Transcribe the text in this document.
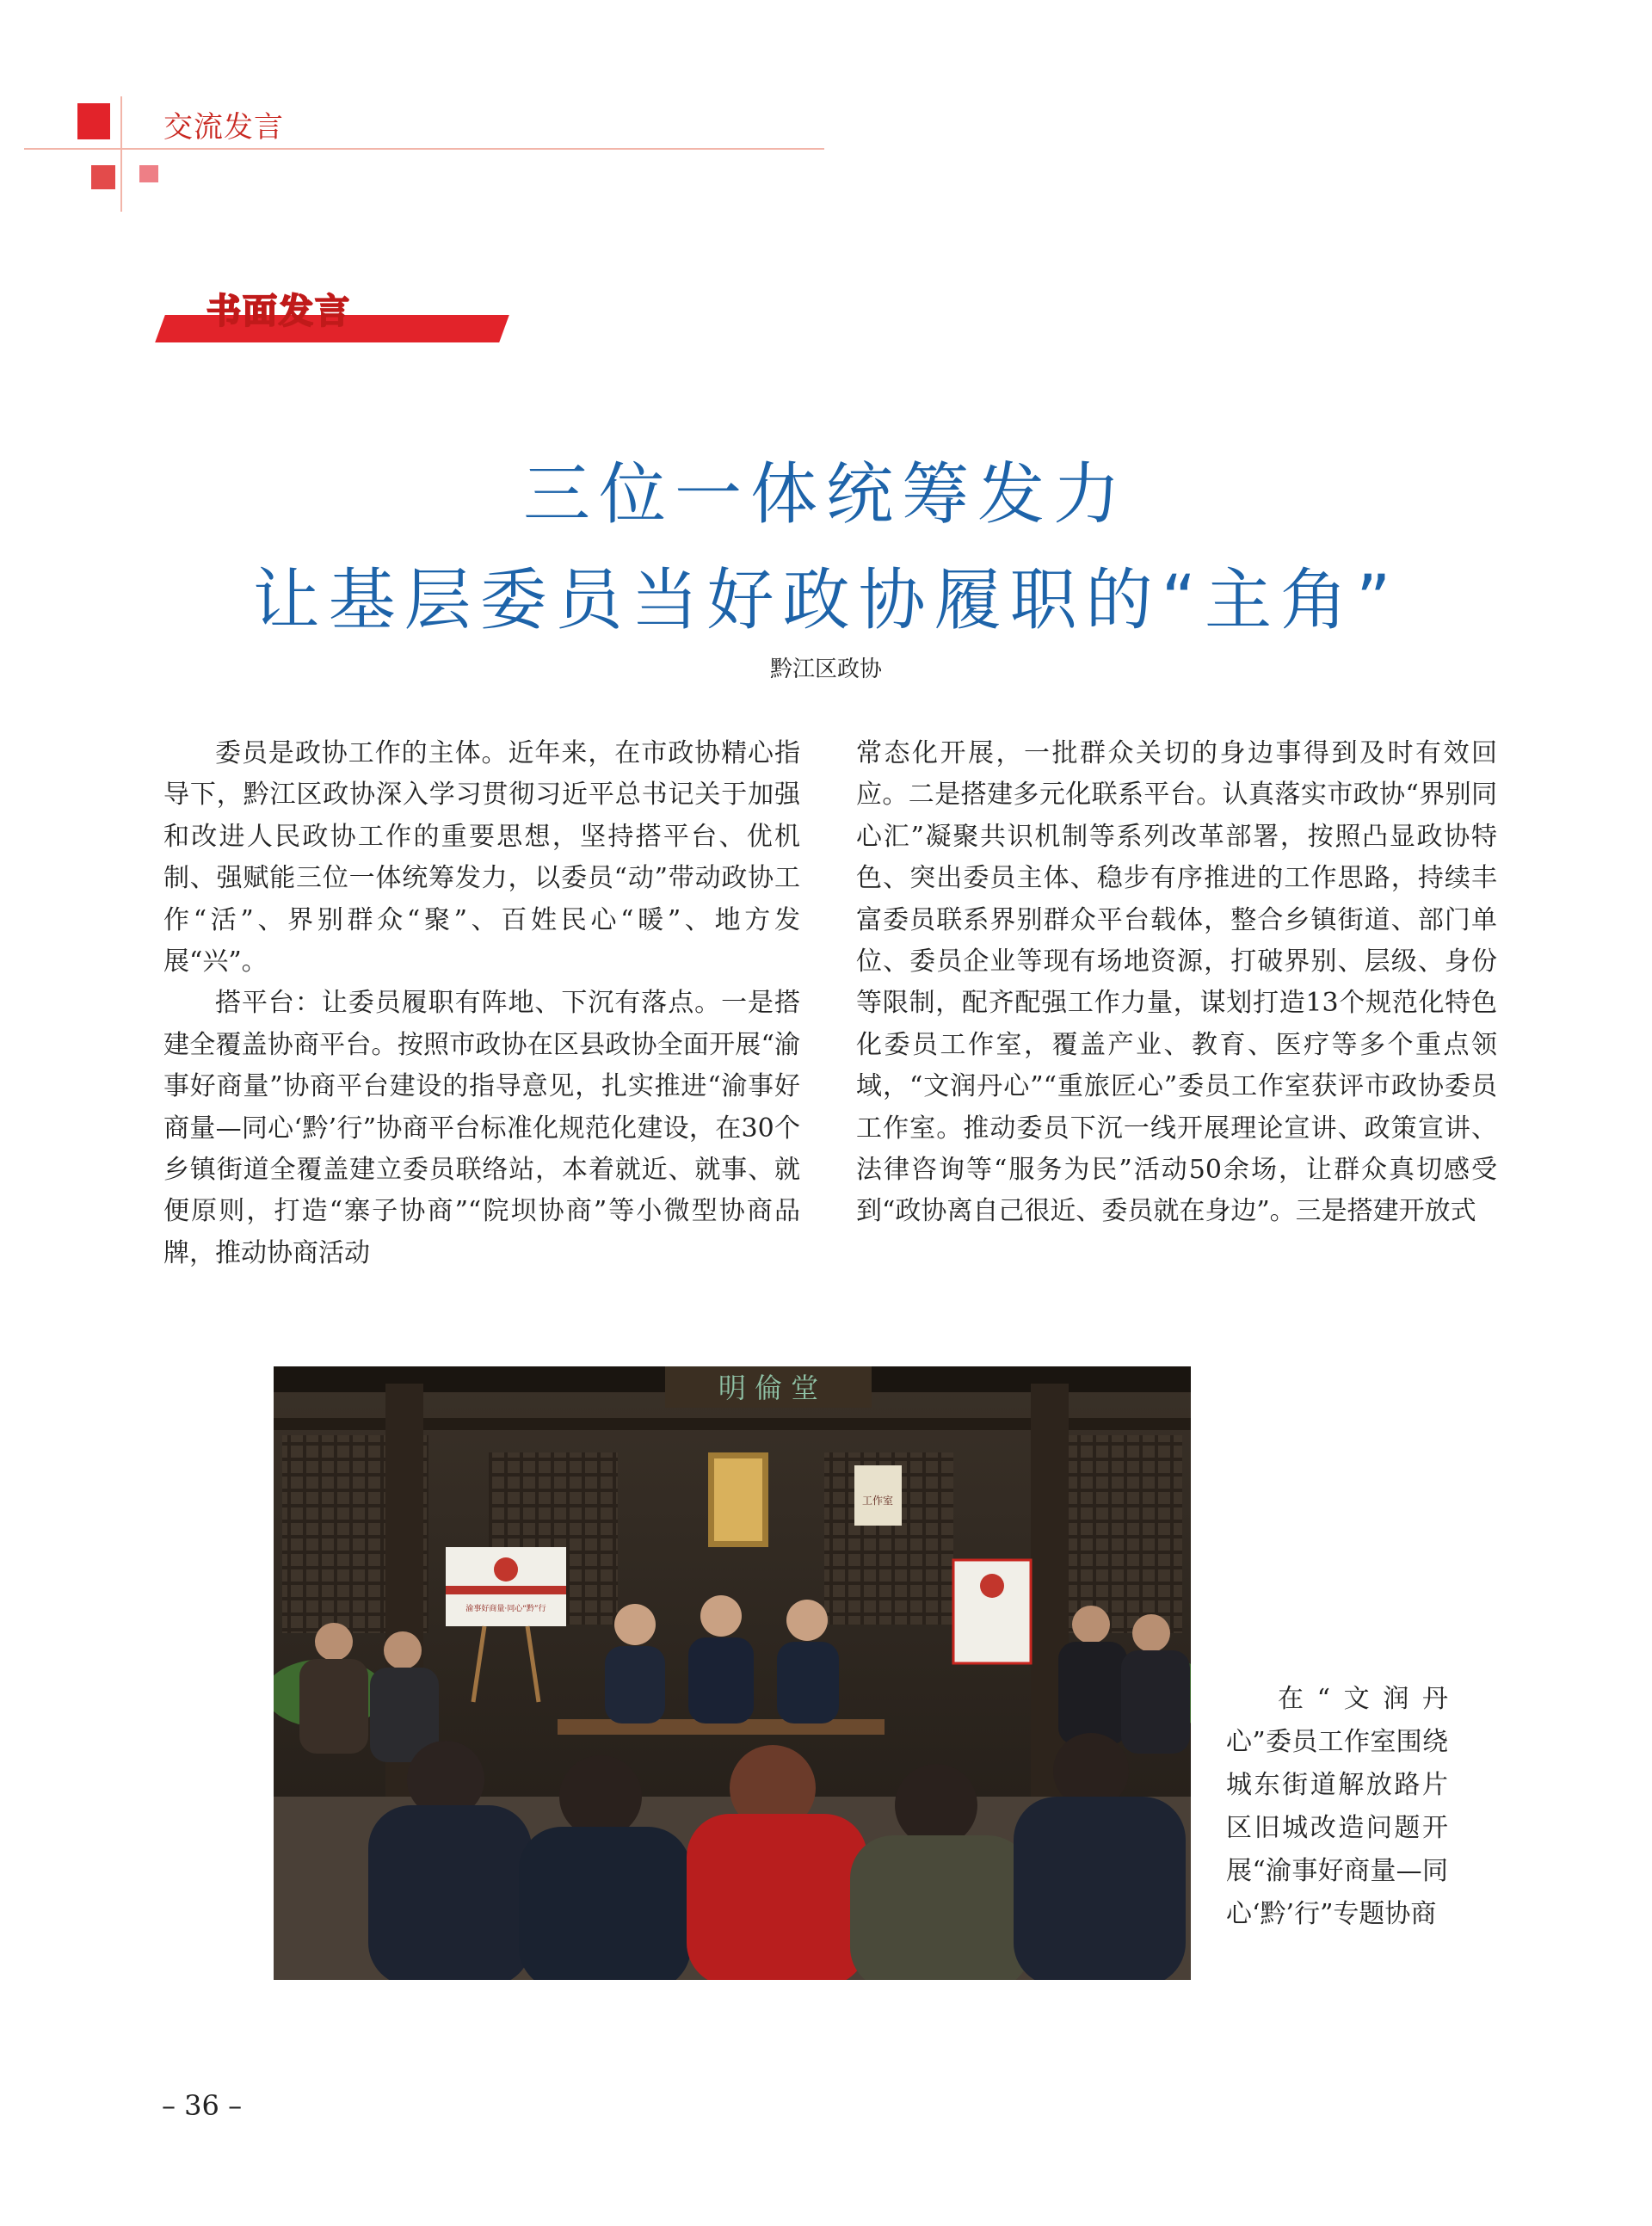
交流发言
书面发言
三位一体统筹发力
让基层委员当好政协履职的“主角”
黔江区政协

委员是政协工作的主体。近年来，在市政协精心指导下，黔江区政协深入学习贯彻习近平总书记关于加强和改进人民政协工作的重要思想，坚持搭平台、优机制、强赋能三位一体统筹发力，以委员“动”带动政协工作“活”、界别群众“聚”、百姓民心“暖”、地方发展“兴”。

搭平台：让委员履职有阵地、下沉有落点。一是搭建全覆盖协商平台。按照市政协在区县政协全面开展“渝事好商量”协商平台建设的指导意见，扎实推进“渝事好商量—同心‘黔’行”协商平台标准化规范化建设，在30个乡镇街道全覆盖建立委员联络站，本着就近、就事、就便原则，打造“寨子协商”“院坝协商”等小微型协商品牌，推动协商活动

常态化开展，一批群众关切的身边事得到及时有效回应。二是搭建多元化联系平台。认真落实市政协“界别同心汇”凝聚共识机制等系列改革部署，按照凸显政协特色、突出委员主体、稳步有序推进的工作思路，持续丰富委员联系界别群众平台载体，整合乡镇街道、部门单位、委员企业等现有场地资源，打破界别、层级、身份等限制，配齐配强工作力量，谋划打造13个规范化特色化委员工作室，覆盖产业、教育、医疗等多个重点领域，“文润丹心”“重旅匠心”委员工作室获评市政协委员工作室。推动委员下沉一线开展理论宣讲、政策宣讲、法律咨询等“服务为民”活动50余场，让群众真切感受到“政协离自己很近、委员就在身边”。三是搭建开放式

明 倫 堂
工作室
渝事好商量·同心“黔”行

在“文润丹心”委员工作室围绕城东街道解放路片区旧城改造问题开展“渝事好商量—同心‘黔’行”专题协商

– 36 –
